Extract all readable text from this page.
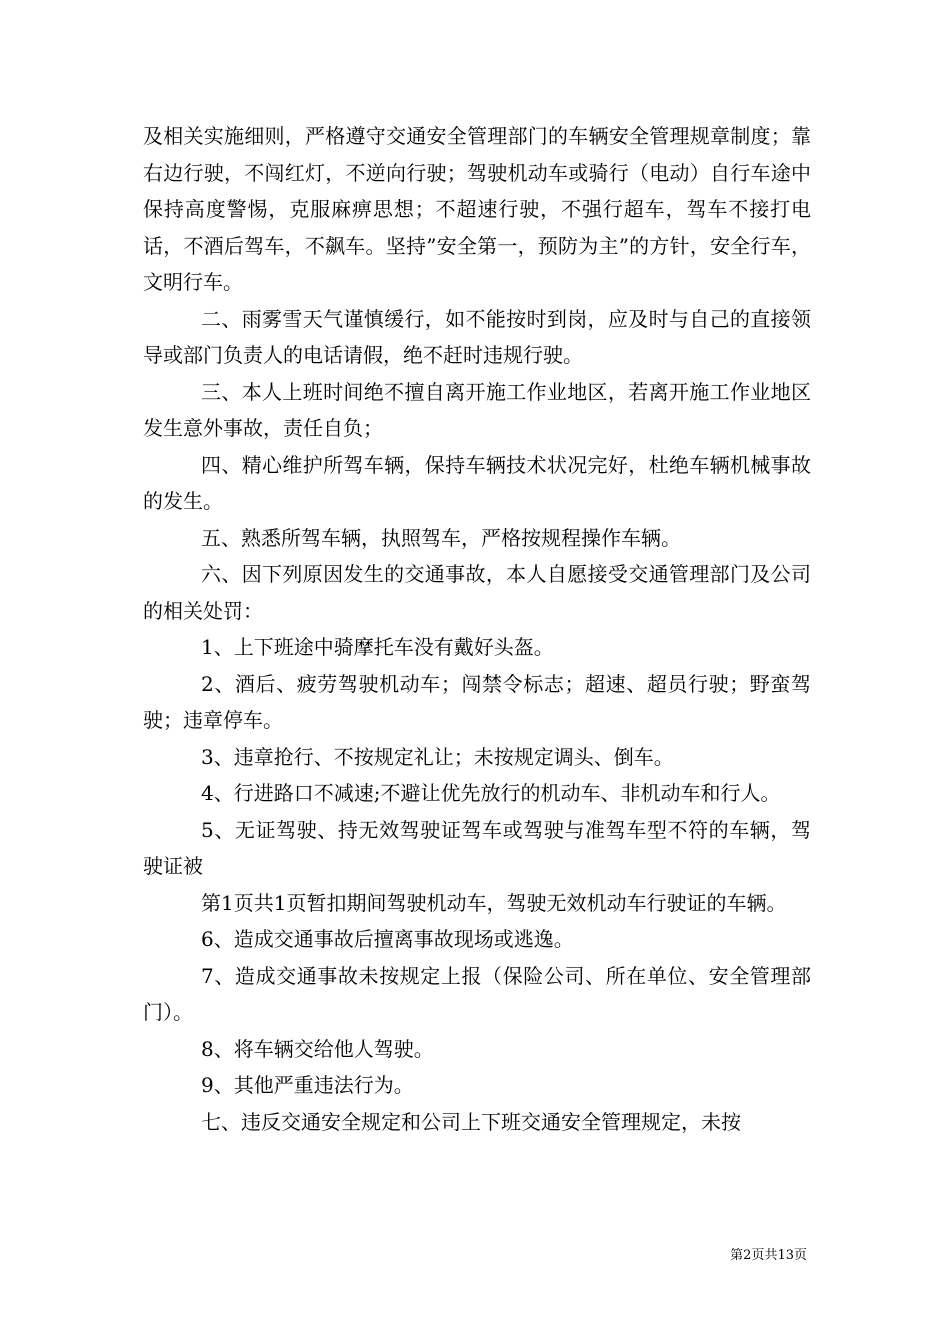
及相关实施细则，严格遵守交通安全管理部门的车辆安全管理规章制度；靠右边行驶，不闯红灯，不逆向行驶；驾驶机动车或骑行（电动）自行车途中保持高度警惕，克服麻痹思想；不超速行驶，不强行超车，驾车不接打电话，不酒后驾车，不飙车。坚持”安全第一，预防为主”的方针，安全行车，文明行车。

二、雨雾雪天气谨慎缓行，如不能按时到岗，应及时与自己的直接领导或部门负责人的电话请假，绝不赶时违规行驶。

三、本人上班时间绝不擅自离开施工作业地区，若离开施工作业地区发生意外事故，责任自负；

四、精心维护所驾车辆，保持车辆技术状况完好，杜绝车辆机械事故的发生。

五、熟悉所驾车辆，执照驾车，严格按规程操作车辆。

六、因下列原因发生的交通事故，本人自愿接受交通管理部门及公司的相关处罚：

1、上下班途中骑摩托车没有戴好头盔。

2、酒后、疲劳驾驶机动车；闯禁令标志；超速、超员行驶；野蛮驾驶；违章停车。

3、违章抢行、不按规定礼让；未按规定调头、倒车。

4、行进路口不减速;不避让优先放行的机动车、非机动车和行人。

5、无证驾驶、持无效驾驶证驾车或驾驶与准驾车型不符的车辆，驾驶证被

第1页共1页暂扣期间驾驶机动车，驾驶无效机动车行驶证的车辆。

6、造成交通事故后擅离事故现场或逃逸。

7、造成交通事故未按规定上报（保险公司、所在单位、安全管理部门）。

8、将车辆交给他人驾驶。

9、其他严重违法行为。

七、违反交通安全规定和公司上下班交通安全管理规定，未按

第2页共13页
